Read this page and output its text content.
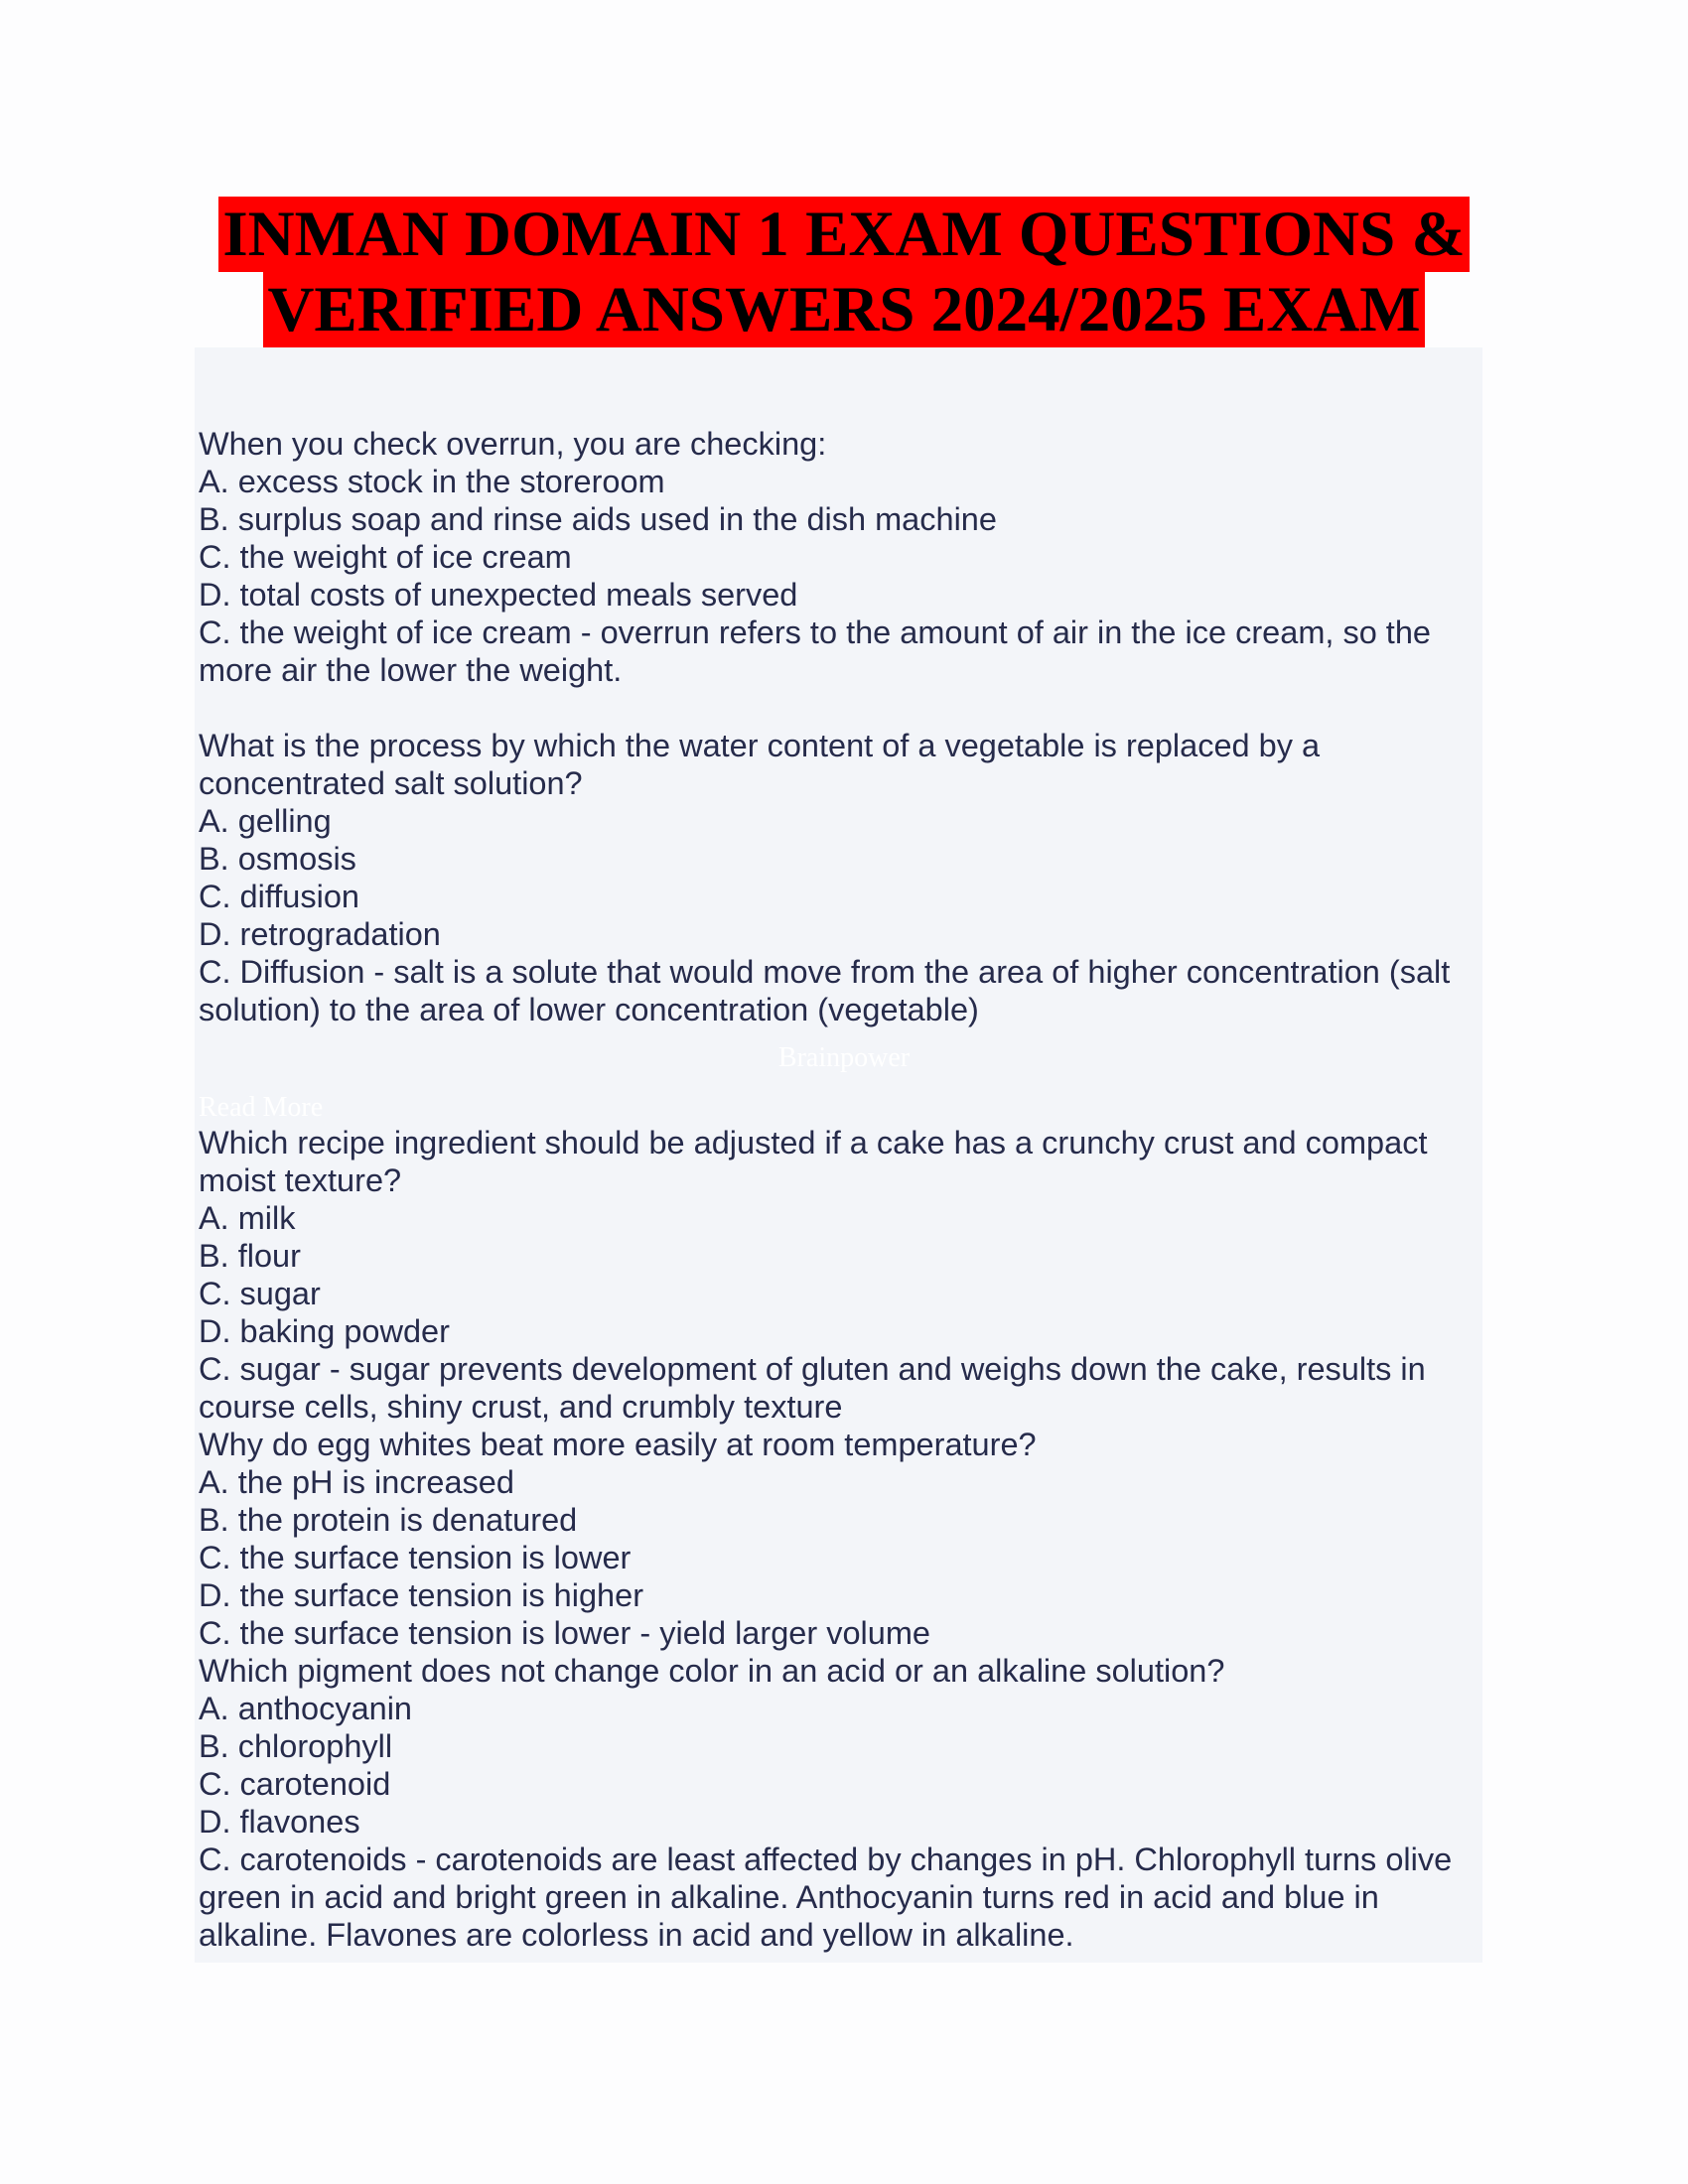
INMAN DOMAIN 1 EXAM QUESTIONS &
VERIFIED ANSWERS 2024/2025 EXAM
When you check overrun, you are checking:
A. excess stock in the storeroom
B. surplus soap and rinse aids used in the dish machine
C. the weight of ice cream
D. total costs of unexpected meals served
C. the weight of ice cream - overrun refers to the amount of air in the ice cream, so the
more air the lower the weight.
What is the process by which the water content of a vegetable is replaced by a
concentrated salt solution?
A. gelling
B. osmosis
C. diffusion
D. retrogradation
C. Diffusion - salt is a solute that would move from the area of higher concentration (salt
solution) to the area of lower concentration (vegetable)
Which recipe ingredient should be adjusted if a cake has a crunchy crust and compact
moist texture?
A. milk
B. flour
C. sugar
D. baking powder
C. sugar - sugar prevents development of gluten and weighs down the cake, results in
course cells, shiny crust, and crumbly texture
Why do egg whites beat more easily at room temperature?
A. the pH is increased
B. the protein is denatured
C. the surface tension is lower
D. the surface tension is higher
C. the surface tension is lower - yield larger volume
Which pigment does not change color in an acid or an alkaline solution?
A. anthocyanin
B. chlorophyll
C. carotenoid
D. flavones
C. carotenoids - carotenoids are least affected by changes in pH. Chlorophyll turns olive
green in acid and bright green in alkaline. Anthocyanin turns red in acid and blue in
alkaline. Flavones are colorless in acid and yellow in alkaline.
Brainpower
Read More
